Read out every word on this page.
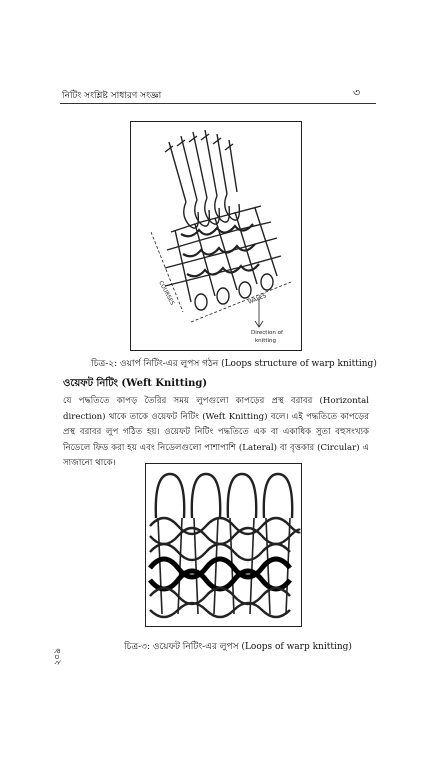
নিটিং সংশ্লিষ্ট সাধারণ সংজ্ঞা	৩
COURSES	WALES
Direction of
knitting
চিত্র-২: ওয়ার্প নিটিং-এর লুপস গঠন (Loops structure of warp knitting)
ওয়েফট নিটিং (Weft Knitting)
যে পদ্ধতিতে কাপড় তৈরির সময় লুপগুলো কাপড়ের প্রস্থ বরাবর (Horizontal direction) থাকে তাকে ওয়েফট নিটিং (Weft Knitting) বলে। এই পদ্ধতিতে কাপড়ের প্রস্থ বরাবর লুপ গঠিত হয়। ওয়েফট নিটিং পদ্ধতিতে এক বা একাধিক সুতা বহুসংখ্যক নিডেলে ফিড করা হয় এবং নিডেলগুলো পাশাপাশি (Lateral) বা বৃত্তকার (Circular) এ সাজানো থাকে।
চিত্র-৩: ওয়েফট নিটিং-এর লুপস (Loops of warp knitting)
২০৯
